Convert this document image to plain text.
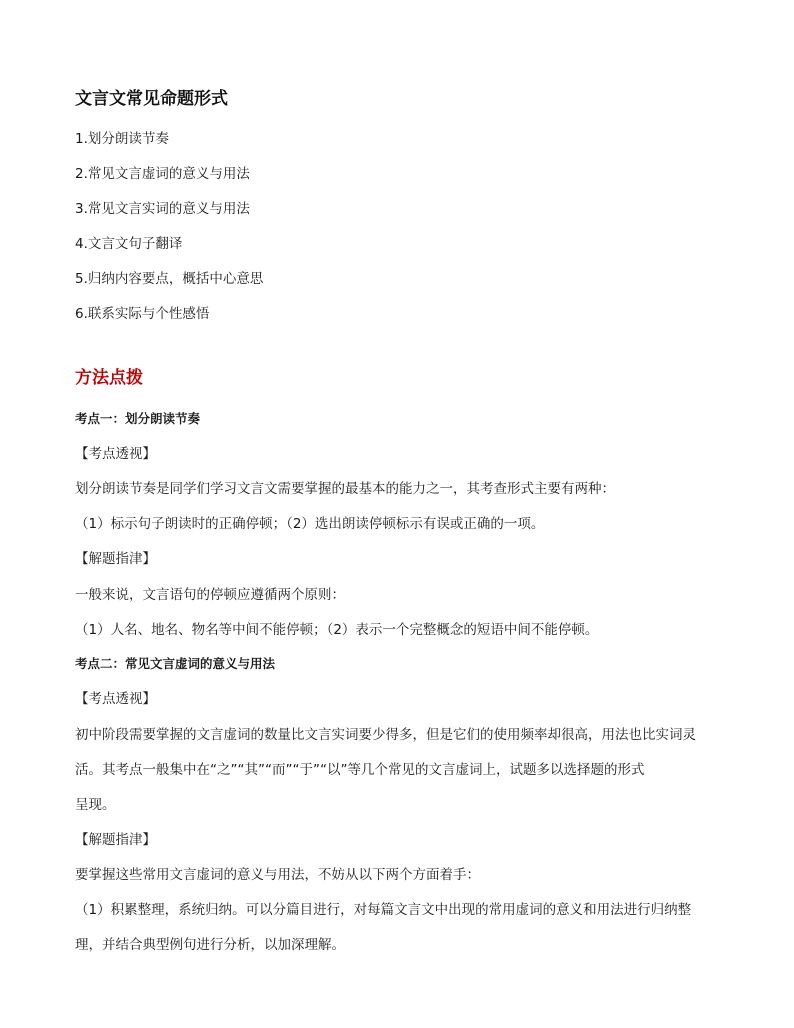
文言文常见命题形式
1.划分朗读节奏
2.常见文言虚词的意义与用法
3.常见文言实词的意义与用法
4.文言文句子翻译
5.归纳内容要点，概括中心意思
6.联系实际与个性感悟
方法点拨
考点一：划分朗读节奏
【考点透视】
划分朗读节奏是同学们学习文言文需要掌握的最基本的能力之一，其考查形式主要有两种：
（1）标示句子朗读时的正确停顿；（2）选出朗读停顿标示有误或正确的一项。
【解题指津】
一般来说，文言语句的停顿应遵循两个原则：
（1）人名、地名、物名等中间不能停顿；（2）表示一个完整概念的短语中间不能停顿。
考点二：常见文言虚词的意义与用法
【考点透视】
初中阶段需要掌握的文言虚词的数量比文言实词要少得多，但是它们的使用频率却很高，用法也比实词灵
活。其考点一般集中在“之”“其”“而”“于”“以”等几个常见的文言虚词上，试题多以选择题的形式
呈现。
【解题指津】
要掌握这些常用文言虚词的意义与用法，不妨从以下两个方面着手：
（1）积累整理，系统归纳。可以分篇目进行，对每篇文言文中出现的常用虚词的意义和用法进行归纳整
理，并结合典型例句进行分析，以加深理解。
